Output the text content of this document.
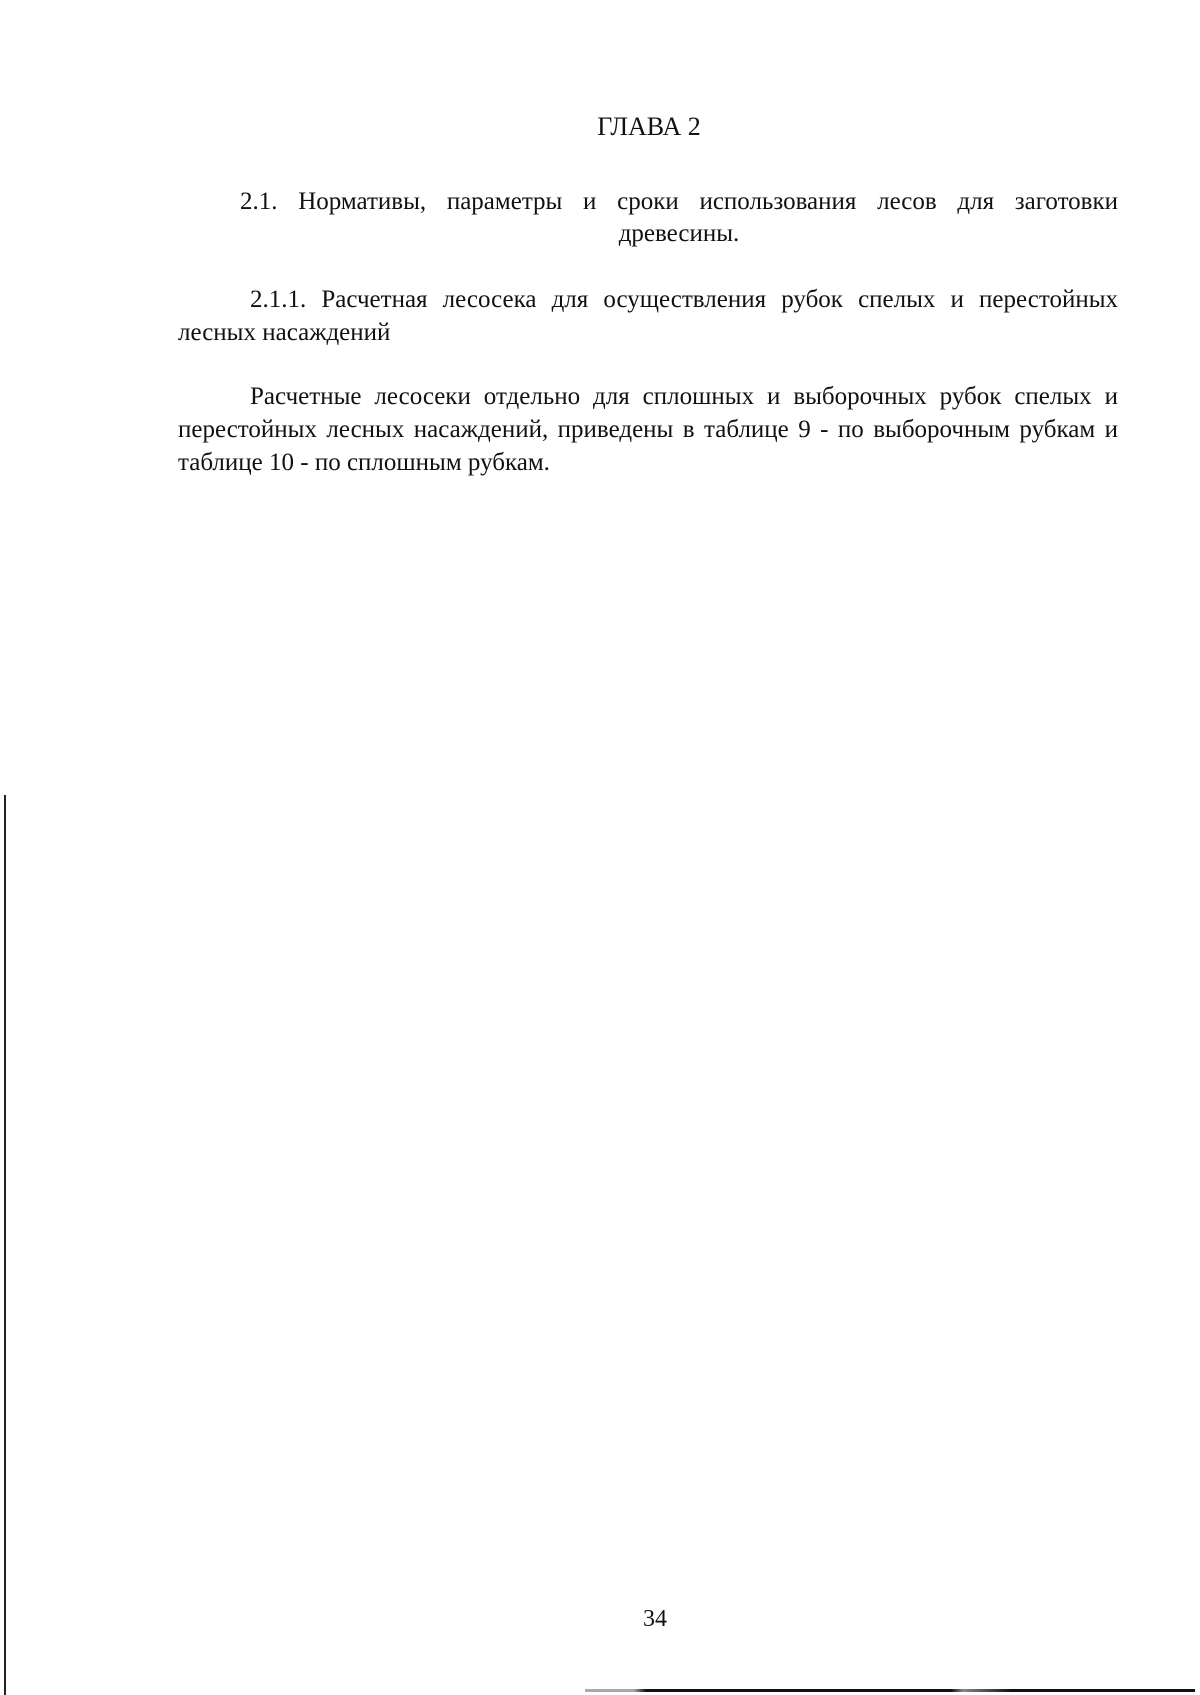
ГЛАВА 2
2.1. Нормативы, параметры и сроки использования лесов для заготовки
древесины.
2.1.1. Расчетная лесосека для осуществления рубок спелых и перестойных лесных насаждений
Расчетные лесосеки отдельно для сплошных и выборочных рубок спелых и перестойных лесных насаждений, приведены в таблице 9 - по выборочным рубкам и таблице 10 - по сплошным рубкам.
34
